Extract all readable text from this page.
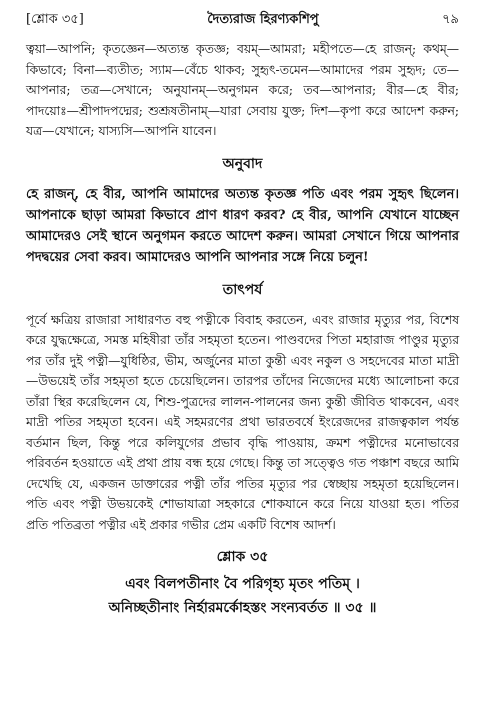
[শ্লোক ৩৫]	দৈত্যরাজ হিরণ্যকশিপু	৭৯

ত্বয়া—আপনি; কৃতজ্ঞেন—অত্যন্ত কৃতজ্ঞ; বয়ম্—আমরা; মহীপতে—হে রাজন্; কথম্—কিভাবে; বিনা—ব্যতীত; স্যাম—বেঁচে থাকব; সুহৃৎ-তমেন—আমাদের পরম সুহৃদ; তে—আপনার; তত্র—সেখানে; অনুযানম্—অনুগমন করে; তব—আপনার; বীর—হে বীর; পাদয়োঃ—শ্রীপাদপদ্মের; শুশ্রূষতীনাম্—যারা সেবায় যুক্ত; দিশ—কৃপা করে আদেশ করুন; যত্র—যেখানে; যাস্যসি—আপনি যাবেন।

অনুবাদ

হে রাজন্, হে বীর, আপনি আমাদের অত্যন্ত কৃতজ্ঞ পতি এবং পরম সুহৃৎ ছিলেন। আপনাকে ছাড়া আমরা কিভাবে প্রাণ ধারণ করব? হে বীর, আপনি যেখানে যাচ্ছেন আমাদেরও সেই স্থানে অনুগমন করতে আদেশ করুন। আমরা সেখানে গিয়ে আপনার পদদ্বয়ের সেবা করব। আমাদেরও আপনি আপনার সঙ্গে নিয়ে চলুন!

তাৎপর্য

পূর্বে ক্ষত্রিয় রাজারা সাধারণত বহু পত্নীকে বিবাহ করতেন, এবং রাজার মৃত্যুর পর, বিশেষ করে যুদ্ধক্ষেত্রে, সমস্ত মহিষীরা তাঁর সহমৃতা হতেন। পাণ্ডবদের পিতা মহারাজ পাণ্ডুর মৃত্যুর পর তাঁর দুই পত্নী—যুধিষ্ঠির, ভীম, অর্জুনের মাতা কুন্তী এবং নকুল ও সহদেবের মাতা মাদ্রী—উভয়েই তাঁর সহমৃতা হতে চেয়েছিলেন। তারপর তাঁদের নিজেদের মধ্যে আলোচনা করে তাঁরা স্থির করেছিলেন যে, শিশু-পুত্রদের লালন-পালনের জন্য কুন্তী জীবিত থাকবেন, এবং মাদ্রী পতির সহমৃতা হবেন। এই সহমরণের প্রথা ভারতবর্ষে ইংরেজদের রাজত্বকাল পর্যন্ত বর্তমান ছিল, কিন্তু পরে কলিযুগের প্রভাব বৃদ্ধি পাওয়ায়, ক্রমশ পত্নীদের মনোভাবের পরিবর্তন হওয়াতে এই প্রথা প্রায় বন্ধ হয়ে গেছে। কিন্তু তা সত্ত্বেও গত পঞ্চাশ বছরে আমি দেখেছি যে, একজন ডাক্তারের পত্নী তাঁর পতির মৃত্যুর পর স্বেচ্ছায় সহমৃতা হয়েছিলেন। পতি এবং পত্নী উভয়কেই শোভাযাত্রা সহকারে শোকযানে করে নিয়ে যাওয়া হত। পতির প্রতি পতিব্রতা পত্নীর এই প্রকার গভীর প্রেম একটি বিশেষ আদর্শ।

শ্লোক ৩৫
এবং বিলপতীনাং বৈ পরিগৃহ্য মৃতং পতিম্ ।
অনিচ্ছতীনাং নির্হারমর্কোহস্তং সংন্যবর্তত ॥ ৩৫ ॥
